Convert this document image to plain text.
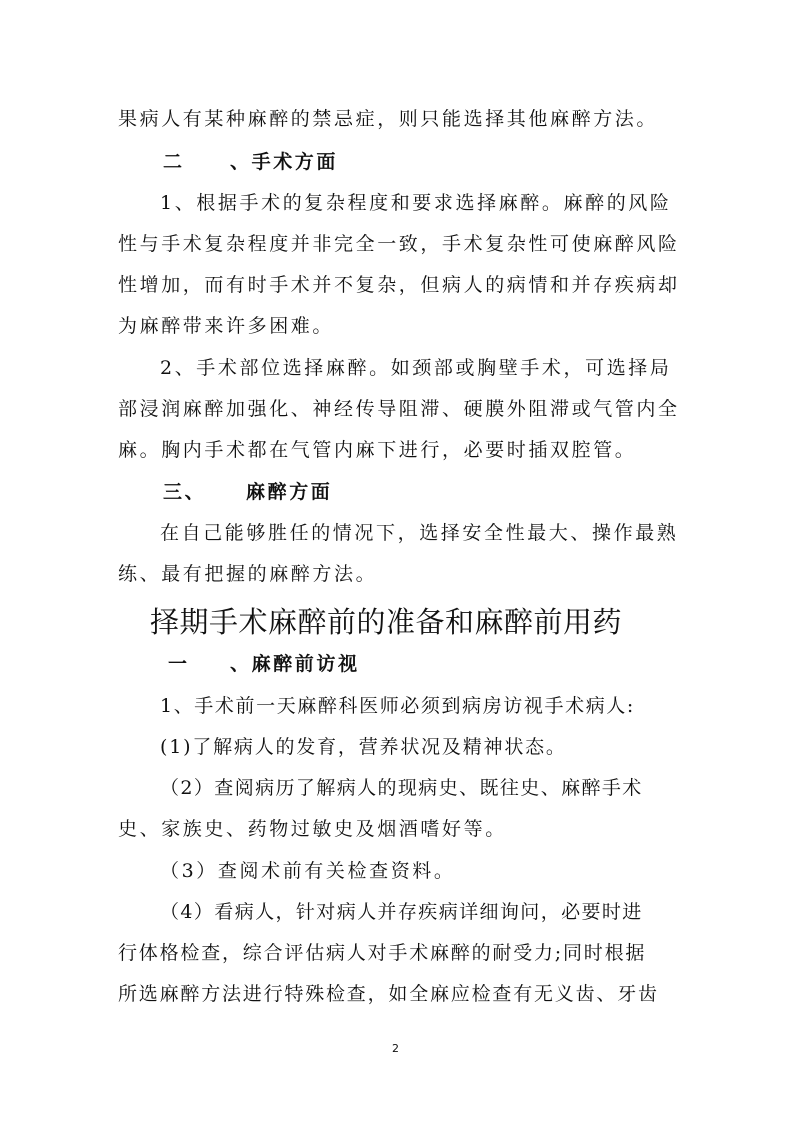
果病人有某种麻醉的禁忌症，则只能选择其他麻醉方法。
二 、手术方面
1、根据手术的复杂程度和要求选择麻醉。麻醉的风险
性与手术复杂程度并非完全一致，手术复杂性可使麻醉风险
性增加，而有时手术并不复杂，但病人的病情和并存疾病却
为麻醉带来许多困难。
2、手术部位选择麻醉。如颈部或胸壁手术，可选择局
部浸润麻醉加强化、神经传导阻滞、硬膜外阻滞或气管内全
麻。胸内手术都在气管内麻下进行，必要时插双腔管。
三、 麻醉方面
在自己能够胜任的情况下，选择安全性最大、操作最熟
练、最有把握的麻醉方法。
择期手术麻醉前的准备和麻醉前用药
一 、麻醉前访视
1、手术前一天麻醉科医师必须到病房访视手术病人:
(1)了解病人的发育，营养状况及精神状态。
（2）查阅病历了解病人的现病史、既往史、麻醉手术
史、家族史、药物过敏史及烟酒嗜好等。
（3）查阅术前有关检查资料。
（4）看病人，针对病人并存疾病详细询问，必要时进
行体格检查，综合评估病人对手术麻醉的耐受力;同时根据
所选麻醉方法进行特殊检查，如全麻应检查有无义齿、牙齿
2
